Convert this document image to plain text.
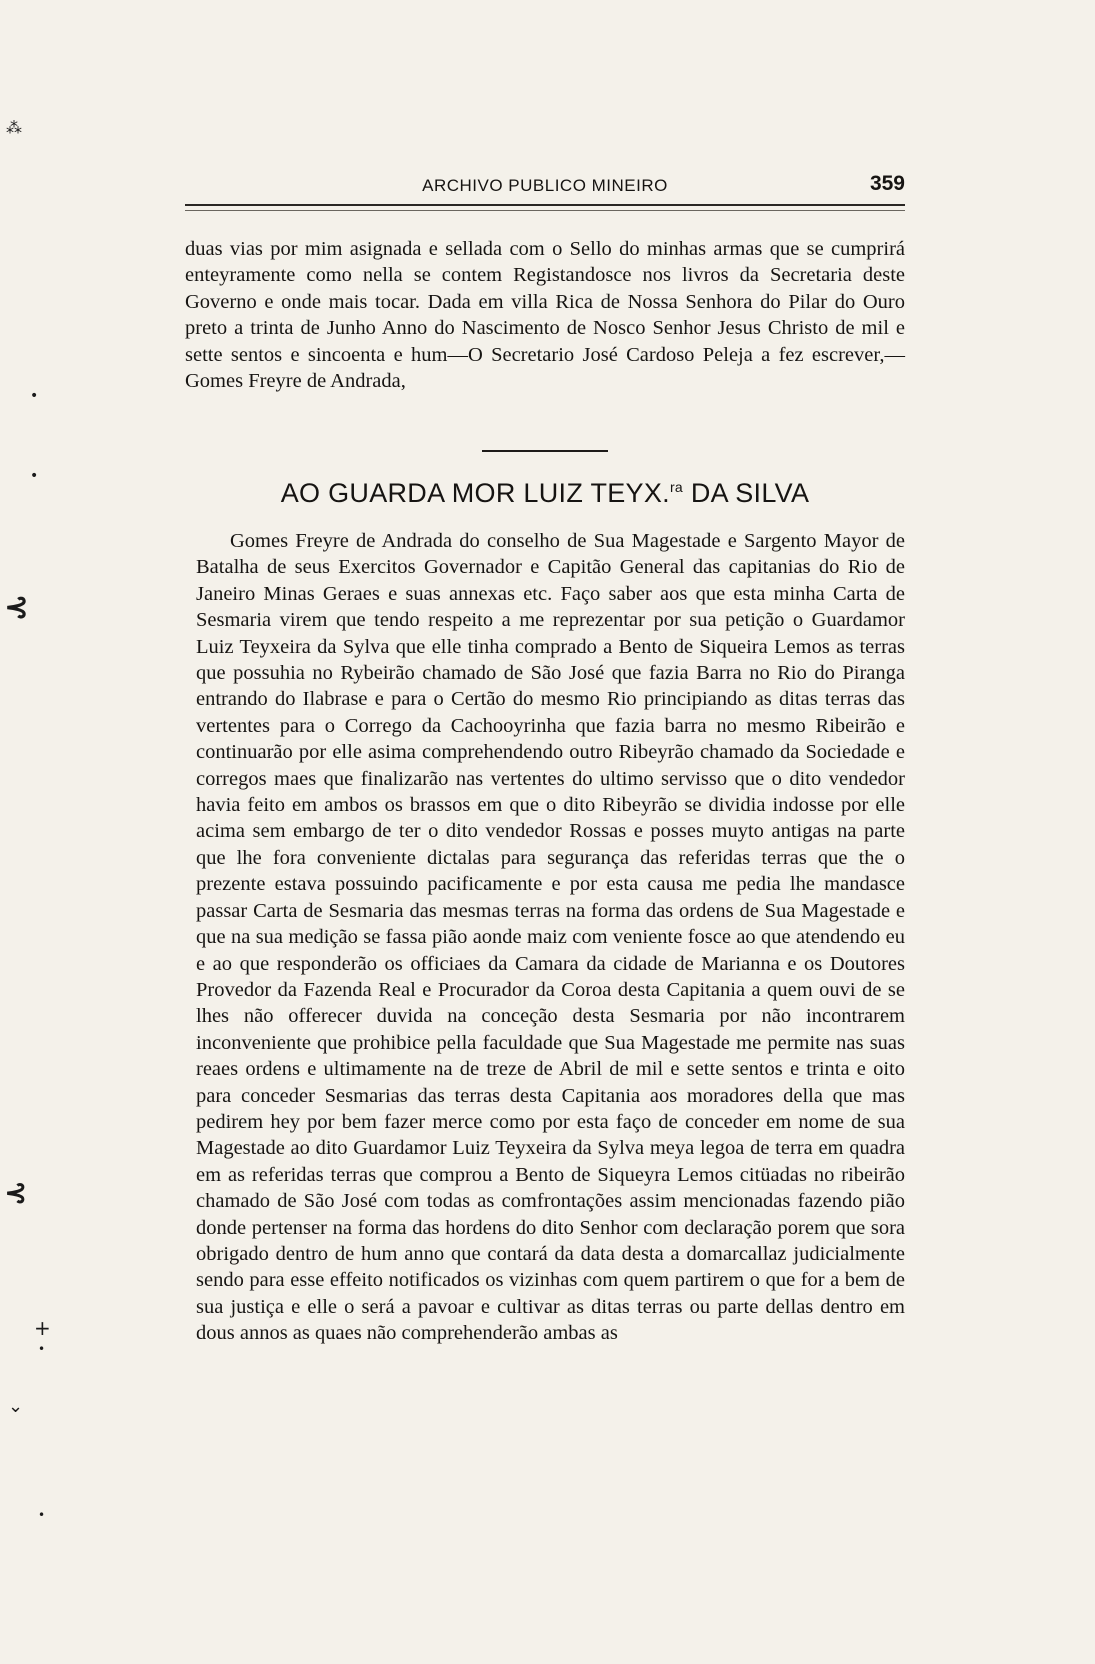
ARCHIVO PUBLICO MINEIRO	359
duas vias por mim asignada e sellada com o Sello do minhas armas que se cumprirá enteyramente como nella se contem Registandosce nos livros da Secretaria deste Governo e onde mais tocar. Dada em villa Rica de Nossa Senhora do Pilar do Ouro preto a trinta de Junho Anno do Nascimento de Nosco Senhor Jesus Christo de mil e sette sentos e sincoenta e hum—O Secretario José Cardoso Peleja a fez escrever,—Gomes Freyre de Andrada,
AO GUARDA MOR LUIZ TEYX.$^{ra}$ DA SILVA
Gomes Freyre de Andrada do conselho de Sua Magestade e Sargento Mayor de Batalha de seus Exercitos Governador e Capitão General das capitanias do Rio de Janeiro Minas Geraes e suas annexas etc. Faço saber aos que esta minha Carta de Sesmaria virem que tendo respeito a me reprezentar por sua petição o Guardamor Luiz Teyxeira da Sylva que elle tinha comprado a Bento de Siqueira Lemos as terras que possuhia no Rybeirão chamado de São José que fazia Barra no Rio do Piranga entrando do Ilabrase e para o Certão do mesmo Rio principiando as ditas terras das vertentes para o Corrego da Cachooyrinha que fazia barra no mesmo Ribeirão e continuarão por elle asima comprehendendo outro Ribeyrão chamado da Sociedade e corregos maes que finalizarão nas vertentes do ultimo servisso que o dito vendedor havia feito em ambos os brassos em que o dito Ribeyrão se dividia indosse por elle acima sem embargo de ter o dito vendedor Rossas e posses muyto antigas na parte que lhe fora conveniente dictalas para segurança das referidas terras que the o prezente estava possuindo pacificamente e por esta causa me pedia lhe mandasce passar Carta de Sesmaria das mesmas terras na forma das ordens de Sua Magestade e que na sua medição se fassa pião aonde maiz com veniente fosce ao que atendendo eu e ao que responderão os officiaes da Camara da cidade de Marianna e os Doutores Provedor da Fazenda Real e Procurador da Coroa desta Capitania a quem ouvi de se lhes não offerecer duvida na conceção desta Sesmaria por não incontrarem inconveniente que prohibice pella faculdade que Sua Magestade me permite nas suas reaes ordens e ultimamente na de treze de Abril de mil e sette sentos e trinta e oito para conceder Sesmarias das terras desta Capitania aos moradores della que mas pedirem hey por bem fazer merce como por esta faço de conceder em nome de sua Magestade ao dito Guardamor Luiz Teyxeira da Sylva meya legoa de terra em quadra em as referidas terras que comprou a Bento de Siqueyra Lemos citüadas no ribeirão chamado de São José com todas as comfrontações assim mencionadas fazendo pião donde pertenser na forma das hordens do dito Senhor com declaração porem que sora obrigado dentro de hum anno que contará da data desta a domarcallaz judicialmente sendo para esse effeito notificados os vizinhas com quem partirem o que for a bem de sua justiça e elle o será a pavoar e cultivar as ditas terras ou parte dellas dentro em dous annos as quaes não comprehenderão ambas as
⁂
•
•
⊰
⊰
+
•
⌄
•
